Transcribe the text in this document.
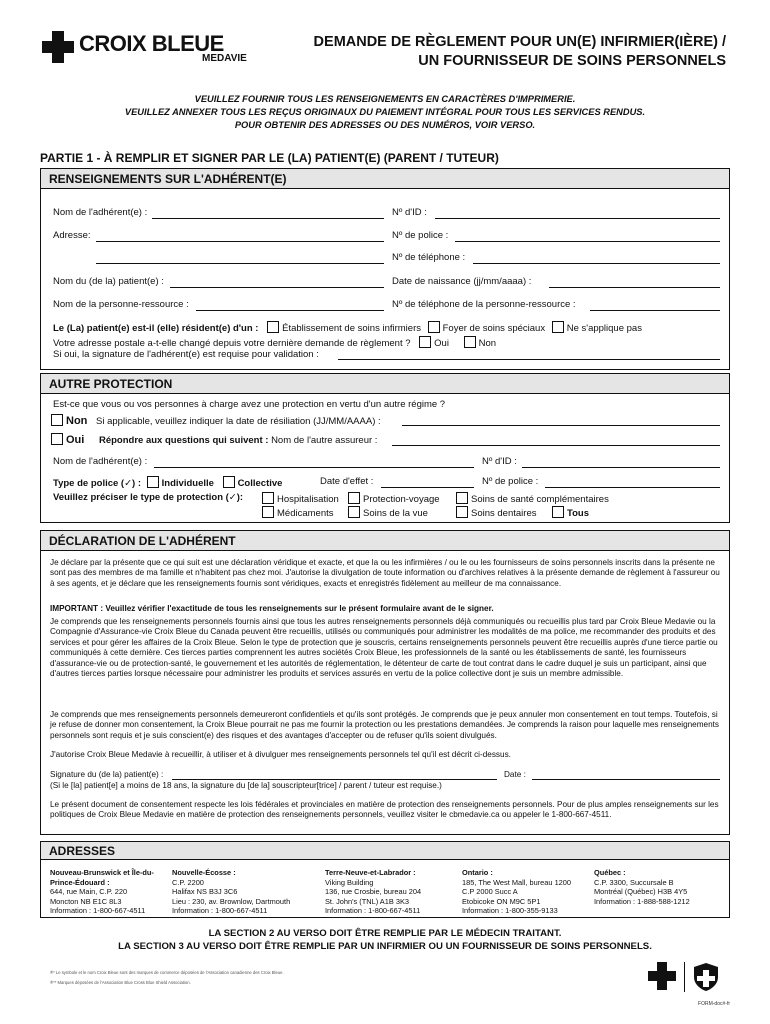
CROIX BLEUE
MEDAVIE
DEMANDE DE RÈGLEMENT POUR UN(E) INFIRMIER(IÈRE) /
UN FOURNISSEUR DE SOINS PERSONNELS
VEUILLEZ FOURNIR TOUS LES RENSEIGNEMENTS EN CARACTÈRES D'IMPRIMERIE.
VEUILLEZ ANNEXER TOUS LES REÇUS ORIGINAUX DU PAIEMENT INTÉGRAL POUR TOUS LES SERVICES RENDUS.
POUR OBTENIR DES ADRESSES OU DES NUMÉROS, VOIR VERSO.
PARTIE 1 - À REMPLIR ET SIGNER PAR LE (LA) PATIENT(E) (PARENT / TUTEUR)
RENSEIGNEMENTS SUR L'ADHÉRENT(E)
Nom de l'adhérent(e) :	Nº d'ID :
Adresse:	Nº de police :
Nº de téléphone :
Nom du (de la) patient(e) :	Date de naissance (jj/mm/aaaa) :
Nom de la personne-ressource :	Nº de téléphone de la personne-ressource :
Le (La) patient(e) est-il (elle) résident(e) d'un : Établissement de soins infirmiers Foyer de soins spéciaux Ne s'applique pas
Votre adresse postale a-t-elle changé depuis votre dernière demande de règlement ? Oui	Non
Si oui, la signature de l'adhérent(e) est requise pour validation :
AUTRE PROTECTION
Est-ce que vous ou vos personnes à charge avez une protection en vertu d'un autre régime ?
Non Si applicable, veuillez indiquer la date de résiliation (JJ/MM/AAAA) :
Oui Répondre aux questions qui suivent : Nom de l'autre assureur :
Nom de l'adhérent(e) :	Nº d'ID :
Type de police (✓) : Individuelle Collective	Date d'effet :	Nº de police :
Veuillez préciser le type de protection (✓):	Hospitalisation	Protection-voyage	Soins de santé complémentaires
Médicaments	Soins de la vue	Soins dentaires	Tous
DÉCLARATION DE L'ADHÉRENT
Je déclare par la présente que ce qui suit est une déclaration véridique et exacte, et que la ou les infirmières / ou le ou les fournisseurs de soins personnels inscrits dans la présente ne sont pas des membres de ma famille et n'habitent pas chez moi. J'autorise la divulgation de toute information ou d'archives relatives à la présente demande de règlement à l'assureur ou à ses agents, et je déclare que les renseignements fournis sont véridiques, exacts et enregistrés fidèlement au meilleur de ma connaissance.
IMPORTANT : Veuillez vérifier l'exactitude de tous les renseignements sur le présent formulaire avant de le signer.
Je comprends que les renseignements personnels fournis ainsi que tous les autres renseignements personnels déjà communiqués ou recueillis plus tard par Croix Bleue Medavie ou la Compagnie d'Assurance-vie Croix Bleue du Canada peuvent être recueillis, utilisés ou communiqués pour administrer les modalités de ma police, me recommander des produits et des services et pour gérer les affaires de la Croix Bleue. Selon le type de protection que je souscris, certains renseignements personnels peuvent être recueillis auprès d'une tierce partie ou communiqués à cette dernière. Ces tierces parties comprennent les autres sociétés Croix Bleue, les professionnels de la santé ou les établissements de santé, les fournisseurs d'assurance-vie ou de protection-santé, le gouvernement et les autorités de réglementation, le détenteur de carte de tout contrat dans le cadre duquel je suis un participant, ainsi que d'autres tierces parties lorsque nécessaire pour administrer les produits et services assurés en vertu de la police collective dont je suis un membre admissible.
Je comprends que mes renseignements personnels demeureront confidentiels et qu'ils sont protégés. Je comprends que je peux annuler mon consentement en tout temps. Toutefois, si je refuse de donner mon consentement, la Croix Bleue pourrait ne pas me fournir la protection ou les prestations demandées. Je comprends la raison pour laquelle mes renseignements personnels sont requis et je suis conscient(e) des risques et des avantages d'accepter ou de refuser qu'ils soient divulgués.
J'autorise Croix Bleue Medavie à recueillir, à utiliser et à divulguer mes renseignements personnels tel qu'il est décrit ci-dessus.
Signature du (de la) patient(e) :	Date :
(Si le [la] patient[e] a moins de 18 ans, la signature du [de la] souscripteur[trice] / parent / tuteur est requise.)
Le présent document de consentement respecte les lois fédérales et provinciales en matière de protection des renseignements personnels. Pour de plus amples renseignements sur les politiques de Croix Bleue Medavie en matière de protection des renseignements personnels, veuillez visiter le cbmedavie.ca ou appeler le 1-800-667-4511.
ADRESSES
Nouveau-Brunswick et Île-du-Prince-Édouard :
644, rue Main, C.P. 220
Moncton NB E1C 8L3
Information : 1-800-667-4511
Nouvelle-Écosse :
C.P. 2200
Halifax NS B3J 3C6
Lieu : 230, av. Brownlow, Dartmouth
Information : 1-800-667-4511
Terre-Neuve-et-Labrador :
Viking Building
136, rue Crosbie, bureau 204
St. John's (TNL) A1B 3K3
Information : 1-800-667-4511
Ontario :
185, The West Mall, bureau 1200
C.P 2000 Succ A
Etobicoke ON M9C 5P1
Information : 1-800-355-9133
Québec :
C.P. 3300, Succursale B
Montréal (Québec) H3B 4Y5
Information : 1-888-588-1212
LA SECTION 2 AU VERSO DOIT ÊTRE REMPLIE PAR LE MÉDECIN TRAITANT.
LA SECTION 3 AU VERSO DOIT ÊTRE REMPLIE PAR UN INFIRMIER OU UN FOURNISSEUR DE SOINS PERSONNELS.
®* Le symbole et le nom Croix Bleue sont des marques de commerce déposées de l'Association canadienne des Croix Bleue.
®** Marques déposées de l'Association Blue Cross Blue Shield Association.
FORM-doc#-fr
